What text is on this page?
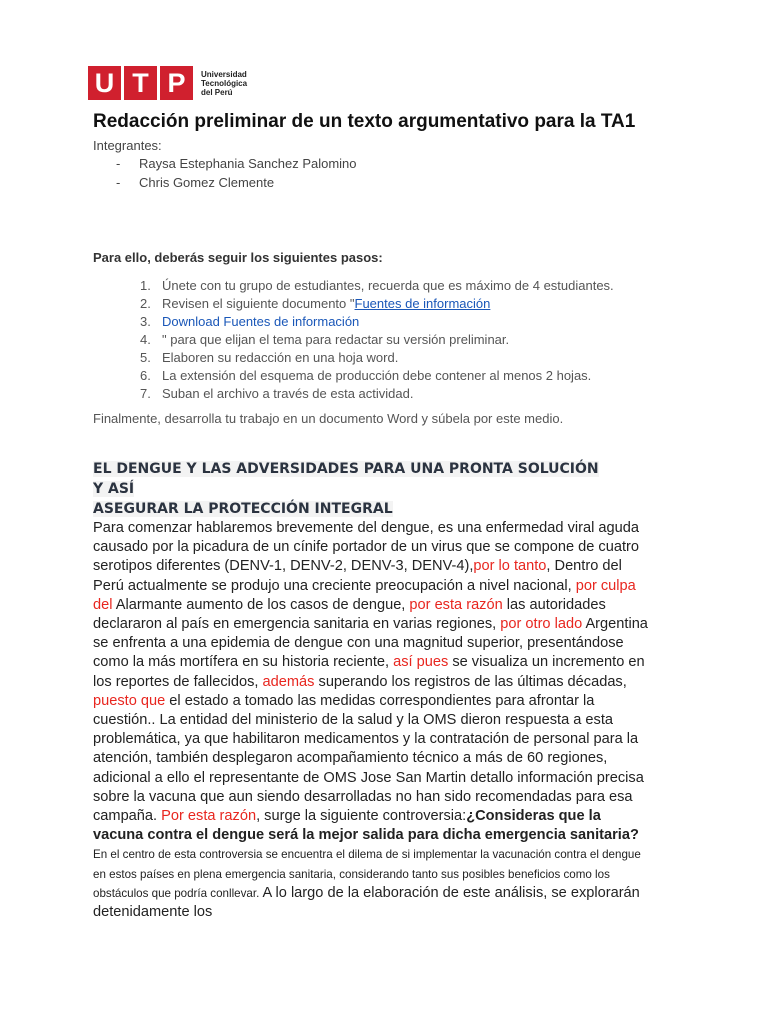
U T P	Universidad
Tecnológica
del Perú
Redacción preliminar de un texto argumentativo para la TA1
Integrantes:
- Raysa Estephania Sanchez Palomino
- Chris Gomez Clemente
Para ello, deberás seguir los siguientes pasos:
1. Únete con tu grupo de estudiantes, recuerda que es máximo de 4 estudiantes.
2. Revisen el siguiente documento "Fuentes de información
3. Download Fuentes de información
4. " para que elijan el tema para redactar su versión preliminar.
5. Elaboren su redacción en una hoja word.
6. La extensión del esquema de producción debe contener al menos 2 hojas.
7. Suban el archivo a través de esta actividad.
Finalmente, desarrolla tu trabajo en un documento Word y súbela por este medio.
EL DENGUE Y LAS ADVERSIDADES PARA UNA PRONTA SOLUCIÓN Y ASÍ
ASEGURAR LA PROTECCIÓN INTEGRAL

Para comenzar hablaremos brevemente del dengue, es una enfermedad viral aguda causado por la picadura de un cínife portador de un virus que se compone de cuatro serotipos diferentes (DENV-1, DENV-2, DENV-3, DENV-4),por lo tanto, Dentro del Perú actualmente se produjo una creciente preocupación a nivel nacional, por culpa del Alarmante aumento de los casos de dengue, por esta razón las autoridades declararon al país en emergencia sanitaria en varias regiones, por otro lado Argentina se enfrenta a una epidemia de dengue con una magnitud superior, presentándose como la más mortífera en su historia reciente, así pues se visualiza un incremento en los reportes de fallecidos, además superando los registros de las últimas décadas, puesto que el estado a tomado las medidas correspondientes para afrontar la cuestión.. La entidad del ministerio de la salud y la OMS dieron respuesta a esta problemática, ya que habilitaron medicamentos y la contratación de personal para la atención, también desplegaron acompañamiento técnico a más de 60 regiones, adicional a ello el representante de OMS Jose San Martin detallo información precisa sobre la vacuna que aun siendo desarrolladas no han sido recomendadas para esa campaña. Por esta razón, surge la siguiente controversia:¿Consideras que la vacuna contra el dengue será la mejor salida para dicha emergencia sanitaria? En el centro de esta controversia se encuentra el dilema de si implementar la vacunación contra el dengue en estos países en plena emergencia sanitaria, considerando tanto sus posibles beneficios como los obstáculos que podría conllevar. A lo largo de la elaboración de este análisis, se explorarán detenidamente los
